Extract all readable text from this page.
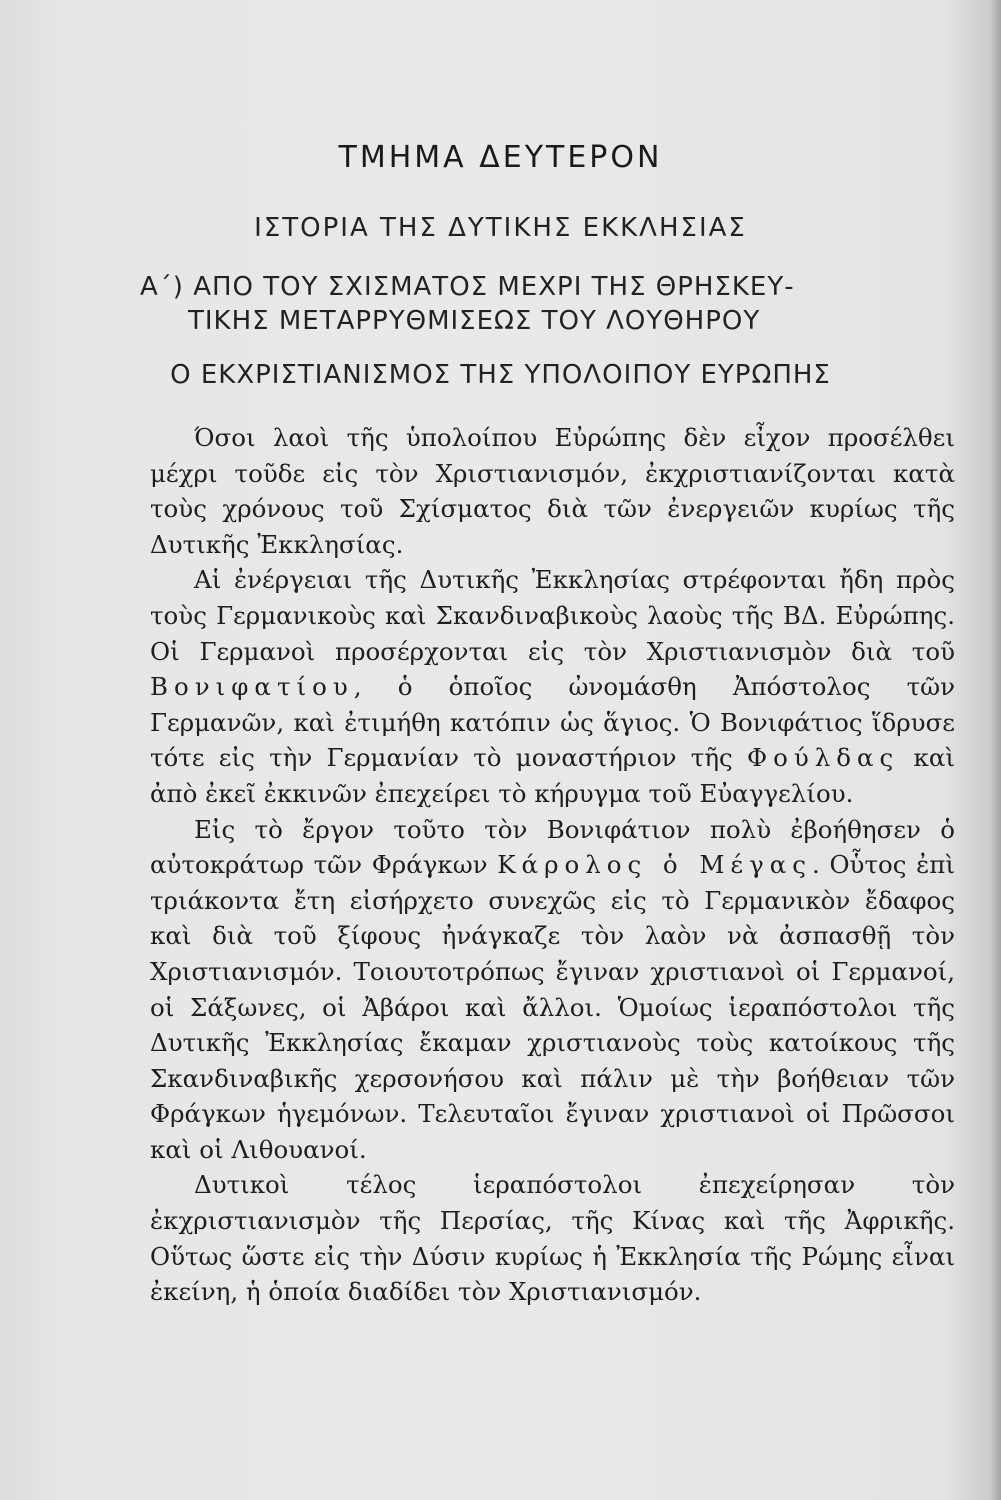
ΤΜΗΜΑ ΔΕΥΤΕΡΟΝ
ΙΣΤΟΡΙΑ ΤΗΣ ΔΥΤΙΚΗΣ ΕΚΚΛΗΣΙΑΣ
Α΄) ΑΠΟ ΤΟΥ ΣΧΙΣΜΑΤΟΣ ΜΕΧΡΙ ΤΗΣ ΘΡΗΣΚΕΥ-
ΤΙΚΗΣ ΜΕΤΑΡΡΥΘΜΙΣΕΩΣ ΤΟΥ ΛΟΥΘΗΡΟΥ
Ο ΕΚΧΡΙΣΤΙΑΝΙΣΜΟΣ ΤΗΣ ΥΠΟΛΟΙΠΟΥ ΕΥΡΩΠΗΣ

Όσοι λαοὶ τῆς ὑπολοίπου Εὐρώπης δὲν εἶχον προσέλθει μέχρι τοῦδε εἰς τὸν Χριστιανισμόν, ἐκχριστιανίζονται κατὰ τοὺς χρόνους τοῦ Σχίσματος διὰ τῶν ἐνεργειῶν κυρίως τῆς Δυτικῆς Ἐκκλησίας.

Αἱ ἐνέργειαι τῆς Δυτικῆς Ἐκκλησίας στρέφονται ἤδη πρὸς τοὺς Γερμανικοὺς καὶ Σκανδιναβικοὺς λαοὺς τῆς ΒΔ. Εὐρώπης. Οἱ Γερμανοὶ προσέρχονται εἰς τὸν Χριστιανισμὸν διὰ τοῦ Βονιφατίου, ὁ ὁποῖος ὠνομάσθη Ἀπόστολος τῶν Γερμανῶν, καὶ ἐτιμήθη κατόπιν ὡς ἅγιος. Ὁ Βονιφάτιος ἵδρυσε τότε εἰς τὴν Γερμανίαν τὸ μοναστήριον τῆς Φούλδας καὶ ἀπὸ ἐκεῖ ἐκκινῶν ἐπεχείρει τὸ κήρυγμα τοῦ Εὐαγγελίου.

Εἰς τὸ ἔργον τοῦτο τὸν Βονιφάτιον πολὺ ἐβοήθησεν ὁ αὐτοκράτωρ τῶν Φράγκων Κάρολος ὁ Μέγας. Οὗτος ἐπὶ τριάκοντα ἔτη εἰσήρχετο συνεχῶς εἰς τὸ Γερμανικὸν ἔδαφος καὶ διὰ τοῦ ξίφους ἠνάγκαζε τὸν λαὸν νὰ ἀσπασθῇ τὸν Χριστιανισμόν. Τοιουτοτρόπως ἔγιναν χριστιανοὶ οἱ Γερμανοί, οἱ Σάξωνες, οἱ Ἀβάροι καὶ ἄλλοι. Ὁμοίως ἱεραπόστολοι τῆς Δυτικῆς Ἐκκλησίας ἔκαμαν χριστιανοὺς τοὺς κατοίκους τῆς Σκανδιναβικῆς χερσονήσου καὶ πάλιν μὲ τὴν βοήθειαν τῶν Φράγκων ἡγεμόνων. Τελευταῖοι ἔγιναν χριστιανοὶ οἱ Πρῶσσοι καὶ οἱ Λιθουανοί.

Δυτικοὶ τέλος ἱεραπόστολοι ἐπεχείρησαν τὸν ἐκχριστιανισμὸν τῆς Περσίας, τῆς Κίνας καὶ τῆς Ἀφρικῆς. Οὕτως ὥστε εἰς τὴν Δύσιν κυρίως ἡ Ἐκκλησία τῆς Ρώμης εἶναι ἐκείνη, ἡ ὁποία διαδίδει τὸν Χριστιανισμόν.
